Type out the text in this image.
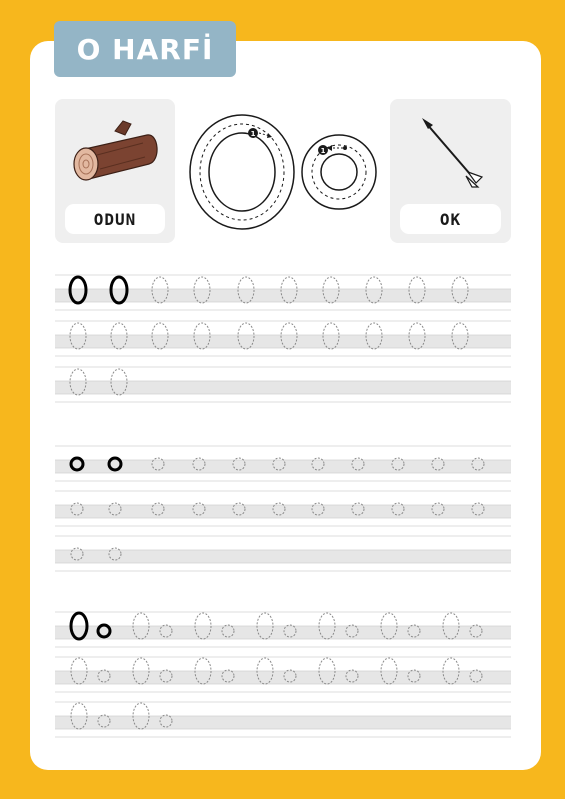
O HARFİ
ODUN
1
1
OK
